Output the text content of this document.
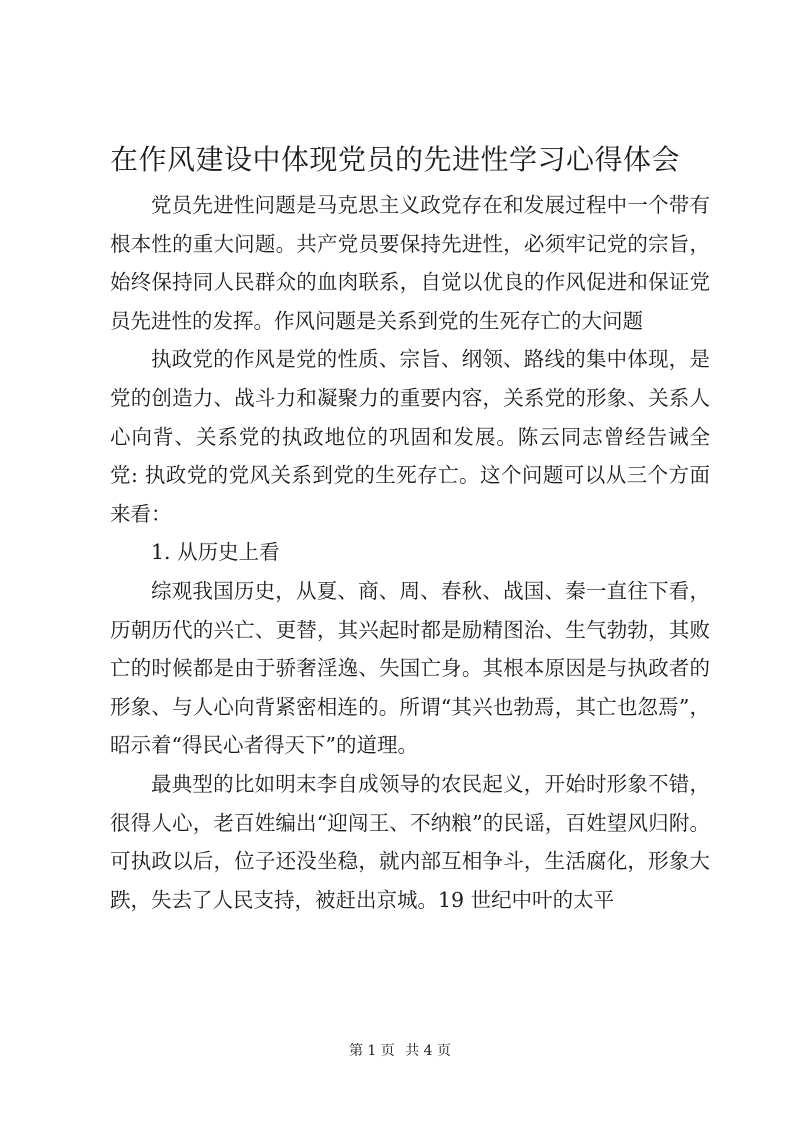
在作风建设中体现党员的先进性学习心得体会

党员先进性问题是马克思主义政党存在和发展过程中一个带有根本性的重大问题。共产党员要保持先进性，必须牢记党的宗旨，始终保持同人民群众的血肉联系，自觉以优良的作风促进和保证党员先进性的发挥。作风问题是关系到党的生死存亡的大问题

执政党的作风是党的性质、宗旨、纲领、路线的集中体现，是党的创造力、战斗力和凝聚力的重要内容，关系党的形象、关系人心向背、关系党的执政地位的巩固和发展。陈云同志曾经告诫全党: 执政党的党风关系到党的生死存亡。这个问题可以从三个方面来看：

1. 从历史上看

综观我国历史，从夏、商、周、春秋、战国、秦一直往下看，历朝历代的兴亡、更替，其兴起时都是励精图治、生气勃勃，其败亡的时候都是由于骄奢淫逸、失国亡身。其根本原因是与执政者的形象、与人心向背紧密相连的。所谓“其兴也勃焉，其亡也忽焉”，昭示着“得民心者得天下”的道理。

最典型的比如明末李自成领导的农民起义，开始时形象不错，很得人心，老百姓编出“迎闯王、不纳粮”的民谣，百姓望风归附。可执政以后，位子还没坐稳，就内部互相争斗，生活腐化，形象大跌，失去了人民支持，被赶出京城。19 世纪中叶的太平

第 1 页 共 4 页
